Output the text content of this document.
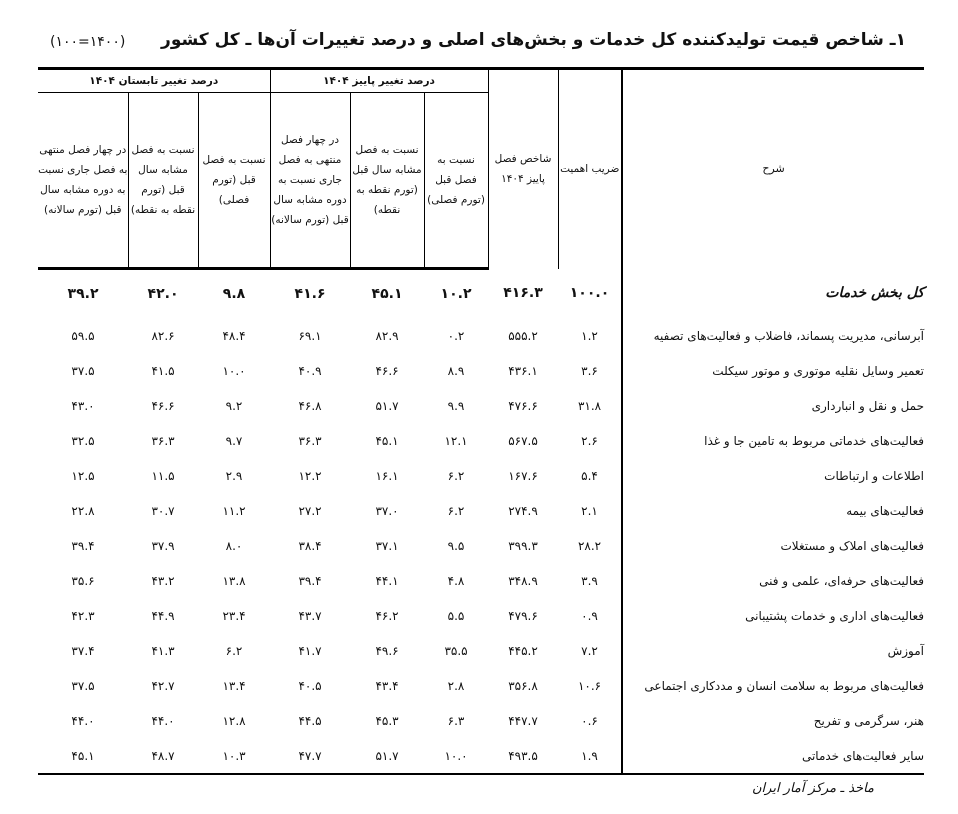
۱ـ شاخص قیمت تولیدکننده کل خدمات و بخش‌های اصلی و درصد تغییرات آن‌ها ـ کل کشور
(۱۴۰۰=۱۰۰)
شرح	ضریب اهمیت	شاخص فصل پاییز ۱۴۰۴	درصد تغییر پاییز ۱۴۰۴			درصد تغییر تابستان ۱۴۰۴		
			نسبت به فصل قبل (تورم فصلی)	نسبت به فصل مشابه سال قبل (تورم نقطه به نقطه)	در چهار فصل منتهی به فصل جاری نسبت به دوره مشابه سال قبل (تورم سالانه)	نسبت به فصل قبل (تورم فصلی)	نسبت به فصل مشابه سال قبل (تورم نقطه به نقطه)	در چهار فصل منتهی به فصل جاری نسبت به دوره مشابه سال قبل (تورم سالانه)
کل بخش خدمات	۱۰۰.۰	۴۱۶.۳	۱۰.۲	۴۵.۱	۴۱.۶	۹.۸	۴۲.۰	۳۹.۲
آبرسانی، مدیریت پسماند، فاضلاب و فعالیت‌های تصفیه	۱.۲	۵۵۵.۲	۰.۲	۸۲.۹	۶۹.۱	۴۸.۴	۸۲.۶	۵۹.۵
تعمیر وسایل نقلیه موتوری و موتور سیکلت	۳.۶	۴۳۶.۱	۸.۹	۴۶.۶	۴۰.۹	۱۰.۰	۴۱.۵	۳۷.۵
حمل و نقل و انبارداری	۳۱.۸	۴۷۶.۶	۹.۹	۵۱.۷	۴۶.۸	۹.۲	۴۶.۶	۴۳.۰
فعالیت‌های خدماتی مربوط به تامین جا و غذا	۲.۶	۵۶۷.۵	۱۲.۱	۴۵.۱	۳۶.۳	۹.۷	۳۶.۳	۳۲.۵
اطلاعات و ارتباطات	۵.۴	۱۶۷.۶	۶.۲	۱۶.۱	۱۲.۲	۲.۹	۱۱.۵	۱۲.۵
فعالیت‌های بیمه	۲.۱	۲۷۴.۹	۶.۲	۳۷.۰	۲۷.۲	۱۱.۲	۳۰.۷	۲۲.۸
فعالیت‌های املاک و مستغلات	۲۸.۲	۳۹۹.۳	۹.۵	۳۷.۱	۳۸.۴	۸.۰	۳۷.۹	۳۹.۴
فعالیت‌های حرفه‌ای، علمی و فنی	۳.۹	۳۴۸.۹	۴.۸	۴۴.۱	۳۹.۴	۱۳.۸	۴۳.۲	۳۵.۶
فعالیت‌های اداری و خدمات پشتیبانی	۰.۹	۴۷۹.۶	۵.۵	۴۶.۲	۴۳.۷	۲۳.۴	۴۴.۹	۴۲.۳
آموزش	۷.۲	۴۴۵.۲	۳۵.۵	۴۹.۶	۴۱.۷	۶.۲	۴۱.۳	۳۷.۴
فعالیت‌های مربوط به سلامت انسان و مددکاری اجتماعی	۱۰.۶	۳۵۶.۸	۲.۸	۴۳.۴	۴۰.۵	۱۳.۴	۴۲.۷	۳۷.۵
هنر، سرگرمی و تفریح	۰.۶	۴۴۷.۷	۶.۳	۴۵.۳	۴۴.۵	۱۲.۸	۴۴.۰	۴۴.۰
سایر فعالیت‌های خدماتی	۱.۹	۴۹۳.۵	۱۰.۰	۵۱.۷	۴۷.۷	۱۰.۳	۴۸.۷	۴۵.۱
ماخذ ـ مرکز آمار ایران
